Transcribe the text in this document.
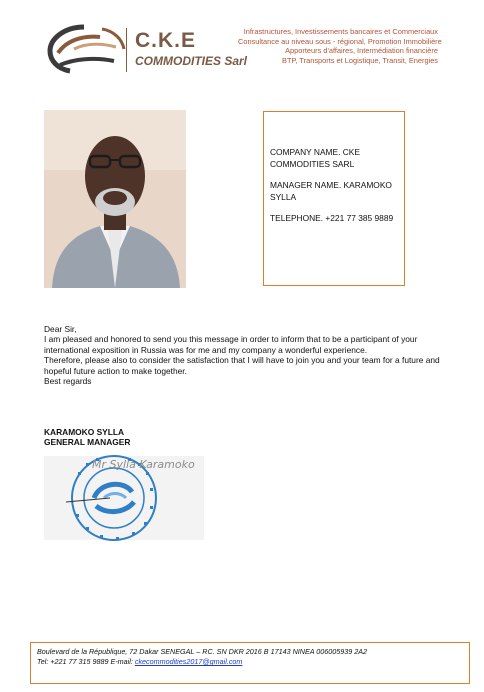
C.K.E
COMMODITIES Sarl
Infrastructures, Investissements bancaires et Commerciaux
Consultance au niveau sous - régional, Promotion Immobilière
Apporteurs d'affaires, Intermédiation financière
BTP, Transports et Logistique, Transit, Energies
COMPANY NAME. CKE COMMODITIES SARL
MANAGER NAME. KARAMOKO SYLLA
TELEPHONE. +221 77 385 9889

Dear Sir,

I am pleased and honored to send you this message in order to inform that to be a participant of your international exposition in Russia was for me and my company a wonderful experience.

Therefore, please also to consider the satisfaction that I will have to join you and your team for a future and hopeful future action to make together.

Best regards

KARAMOKO SYLLA
GENERAL MANAGER
Mr Sylla Karamoko
Boulevard de la République, 72 Dakar SENEGAL – RC. SN DKR 2016 B 17143 NINEA 006005939 2A2
Tel: +221 77 315 9889 E-mail: ckecommodities2017@gmail.com
